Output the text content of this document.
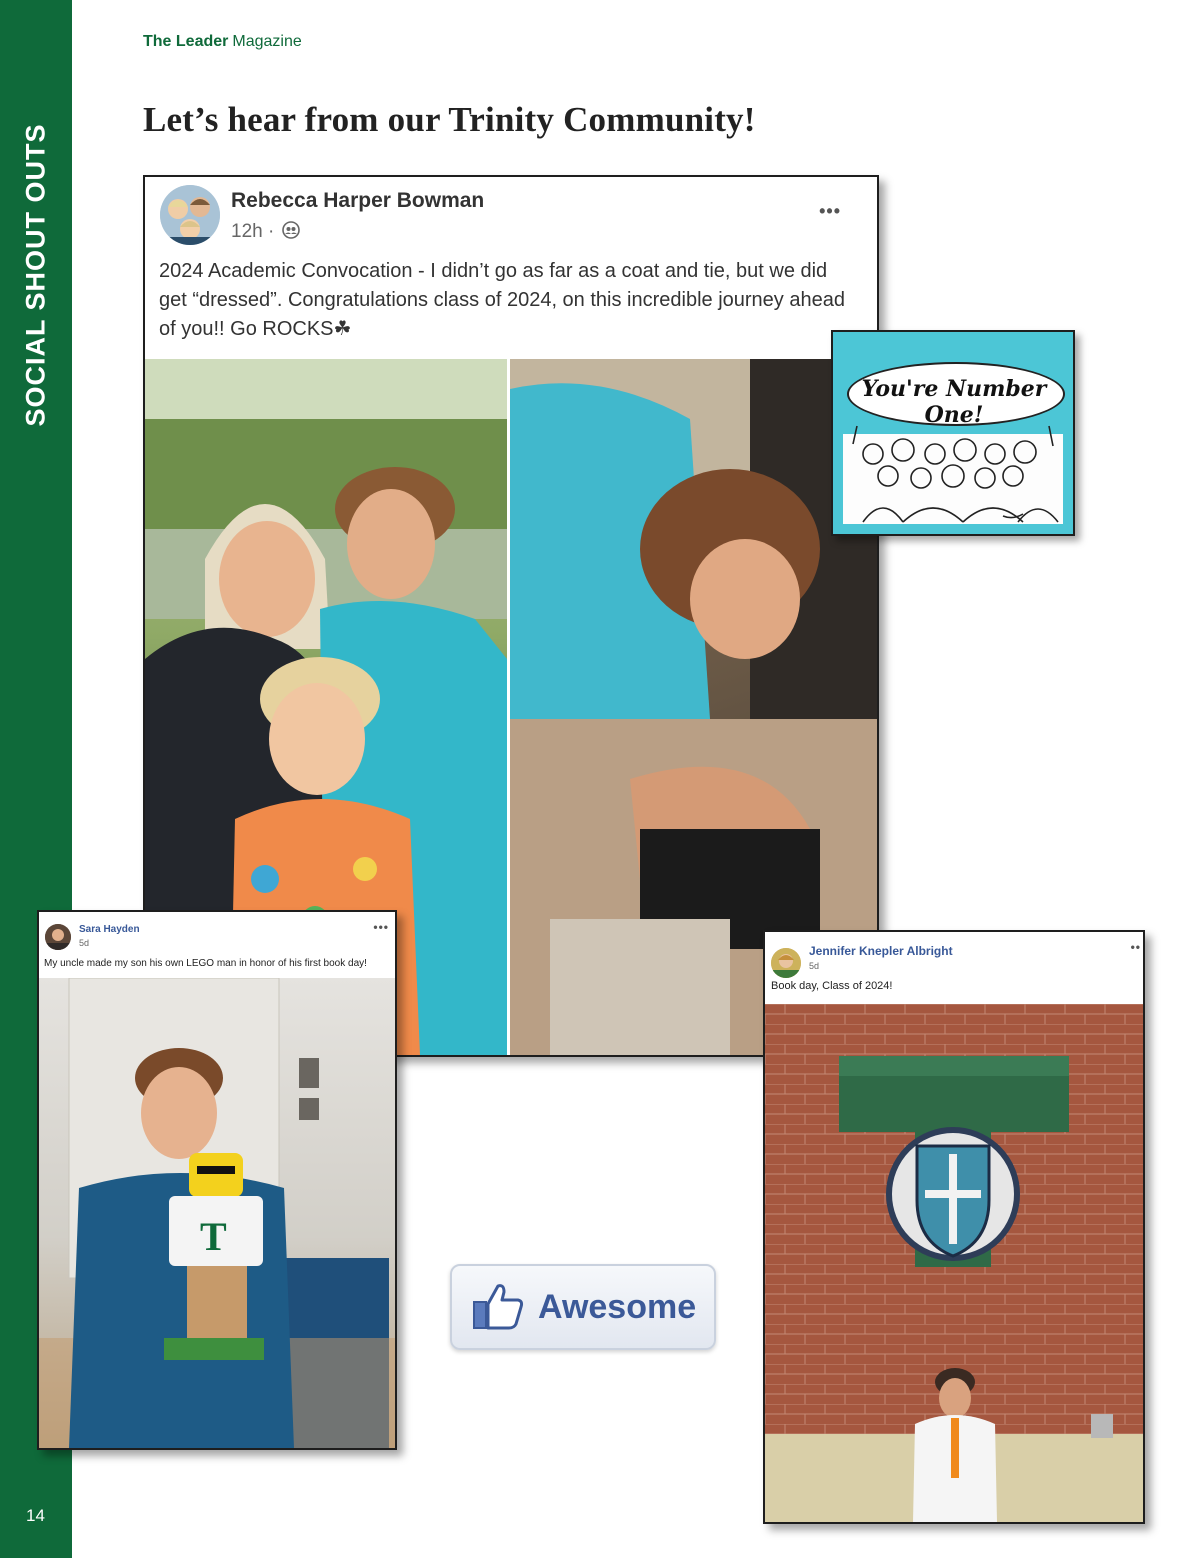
SOCIAL SHOUT OUTS
14
The Leader Magazine
Let’s hear from our Trinity Community!
Rebecca Harper Bowman
12h ·
•••
2024 Academic Convocation - I didn’t go as far as a coat and tie, but we did get “dressed”. Congratulations class of 2024, on this incredible journey ahead of you!! Go ROCKS☘
You're Number One!
Sara Hayden
5d
•••
My uncle made my son his own LEGO man in honor of his first book day!
T
Jennifer Knepler Albright
5d
••
Book day, Class of 2024!
Awesome
